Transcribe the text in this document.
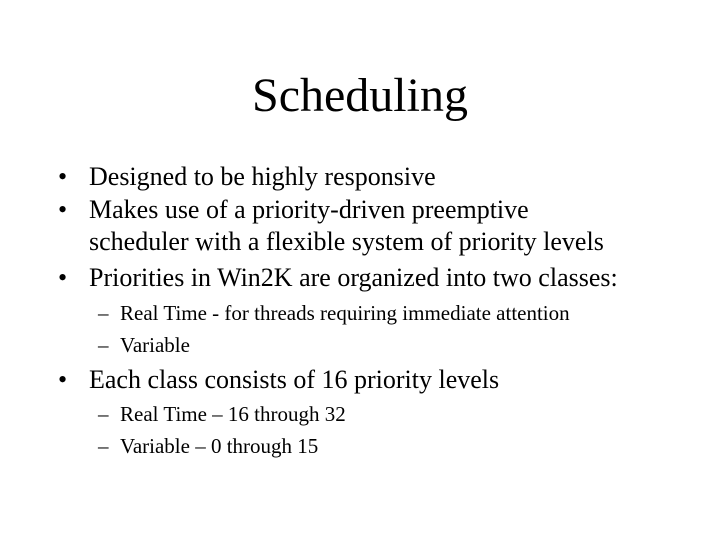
Scheduling
• Designed to be highly responsive
• Makes use of a priority-driven preemptive
scheduler with a flexible system of priority levels
• Priorities in Win2K are organized into two classes:
– Real Time - for threads requiring immediate attention
– Variable
• Each class consists of 16 priority levels
– Real Time – 16 through 32
– Variable – 0 through 15
